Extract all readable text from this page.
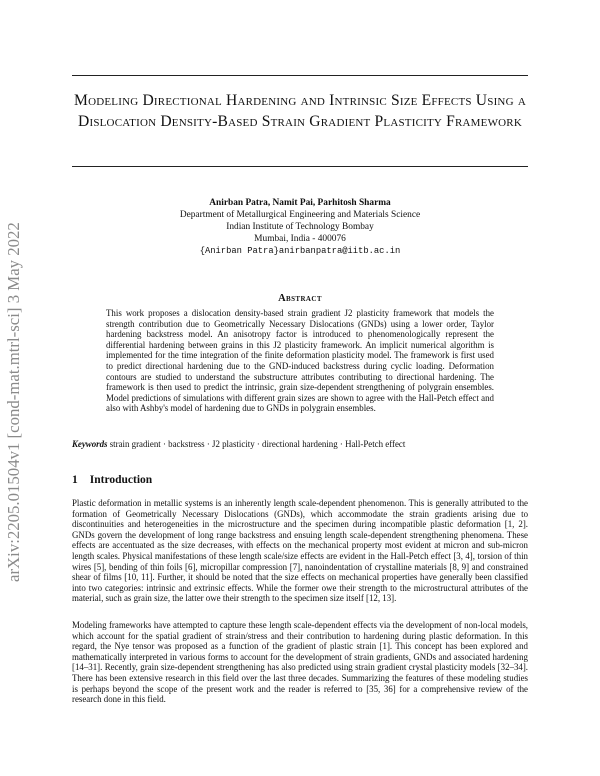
arXiv:2205.01504v1 [cond-mat.mtrl-sci] 3 May 2022
Modeling Directional Hardening and Intrinsic Size Effects Using a Dislocation Density-Based Strain Gradient Plasticity Framework
Anirban Patra, Namit Pai, Parhitosh Sharma
Department of Metallurgical Engineering and Materials Science
Indian Institute of Technology Bombay
Mumbai, India - 400076
{Anirban Patra}anirbanpatra@iitb.ac.in
Abstract
This work proposes a dislocation density-based strain gradient J2 plasticity framework that models the strength contribution due to Geometrically Necessary Dislocations (GNDs) using a lower order, Taylor hardening backstress model. An anisotropy factor is introduced to phenomenologically represent the differential hardening between grains in this J2 plasticity framework. An implicit numerical algorithm is implemented for the time integration of the finite deformation plasticity model. The framework is first used to predict directional hardening due to the GND-induced backstress during cyclic loading. Deformation contours are studied to understand the substructure attributes contributing to directional hardening. The framework is then used to predict the intrinsic, grain size-dependent strengthening of polygrain ensembles. Model predictions of simulations with different grain sizes are shown to agree with the Hall-Petch effect and also with Ashby's model of hardening due to GNDs in polygrain ensembles.
Keywords strain gradient · backstress · J2 plasticity · directional hardening · Hall-Petch effect
1 Introduction
Plastic deformation in metallic systems is an inherently length scale-dependent phenomenon. This is generally attributed to the formation of Geometrically Necessary Dislocations (GNDs), which accommodate the strain gradients arising due to discontinuities and heterogeneities in the microstructure and the specimen during incompatible plastic deformation [1, 2]. GNDs govern the development of long range backstress and ensuing length scale-dependent strengthening phenomena. These effects are accentuated as the size decreases, with effects on the mechanical property most evident at micron and sub-micron length scales. Physical manifestations of these length scale/size effects are evident in the Hall-Petch effect [3, 4], torsion of thin wires [5], bending of thin foils [6], micropillar compression [7], nanoindentation of crystalline materials [8, 9] and constrained shear of films [10, 11]. Further, it should be noted that the size effects on mechanical properties have generally been classified into two categories: intrinsic and extrinsic effects. While the former owe their strength to the microstructural attributes of the material, such as grain size, the latter owe their strength to the specimen size itself [12, 13].
Modeling frameworks have attempted to capture these length scale-dependent effects via the development of non-local models, which account for the spatial gradient of strain/stress and their contribution to hardening during plastic deformation. In this regard, the Nye tensor was proposed as a function of the gradient of plastic strain [1]. This concept has been explored and mathematically interpreted in various forms to account for the development of strain gradients, GNDs and associated hardening [14–31]. Recently, grain size-dependent strengthening has also predicted using strain gradient crystal plasticity models [32–34]. There has been extensive research in this field over the last three decades. Summarizing the features of these modeling studies is perhaps beyond the scope of the present work and the reader is referred to [35, 36] for a comprehensive review of the research done in this field.
